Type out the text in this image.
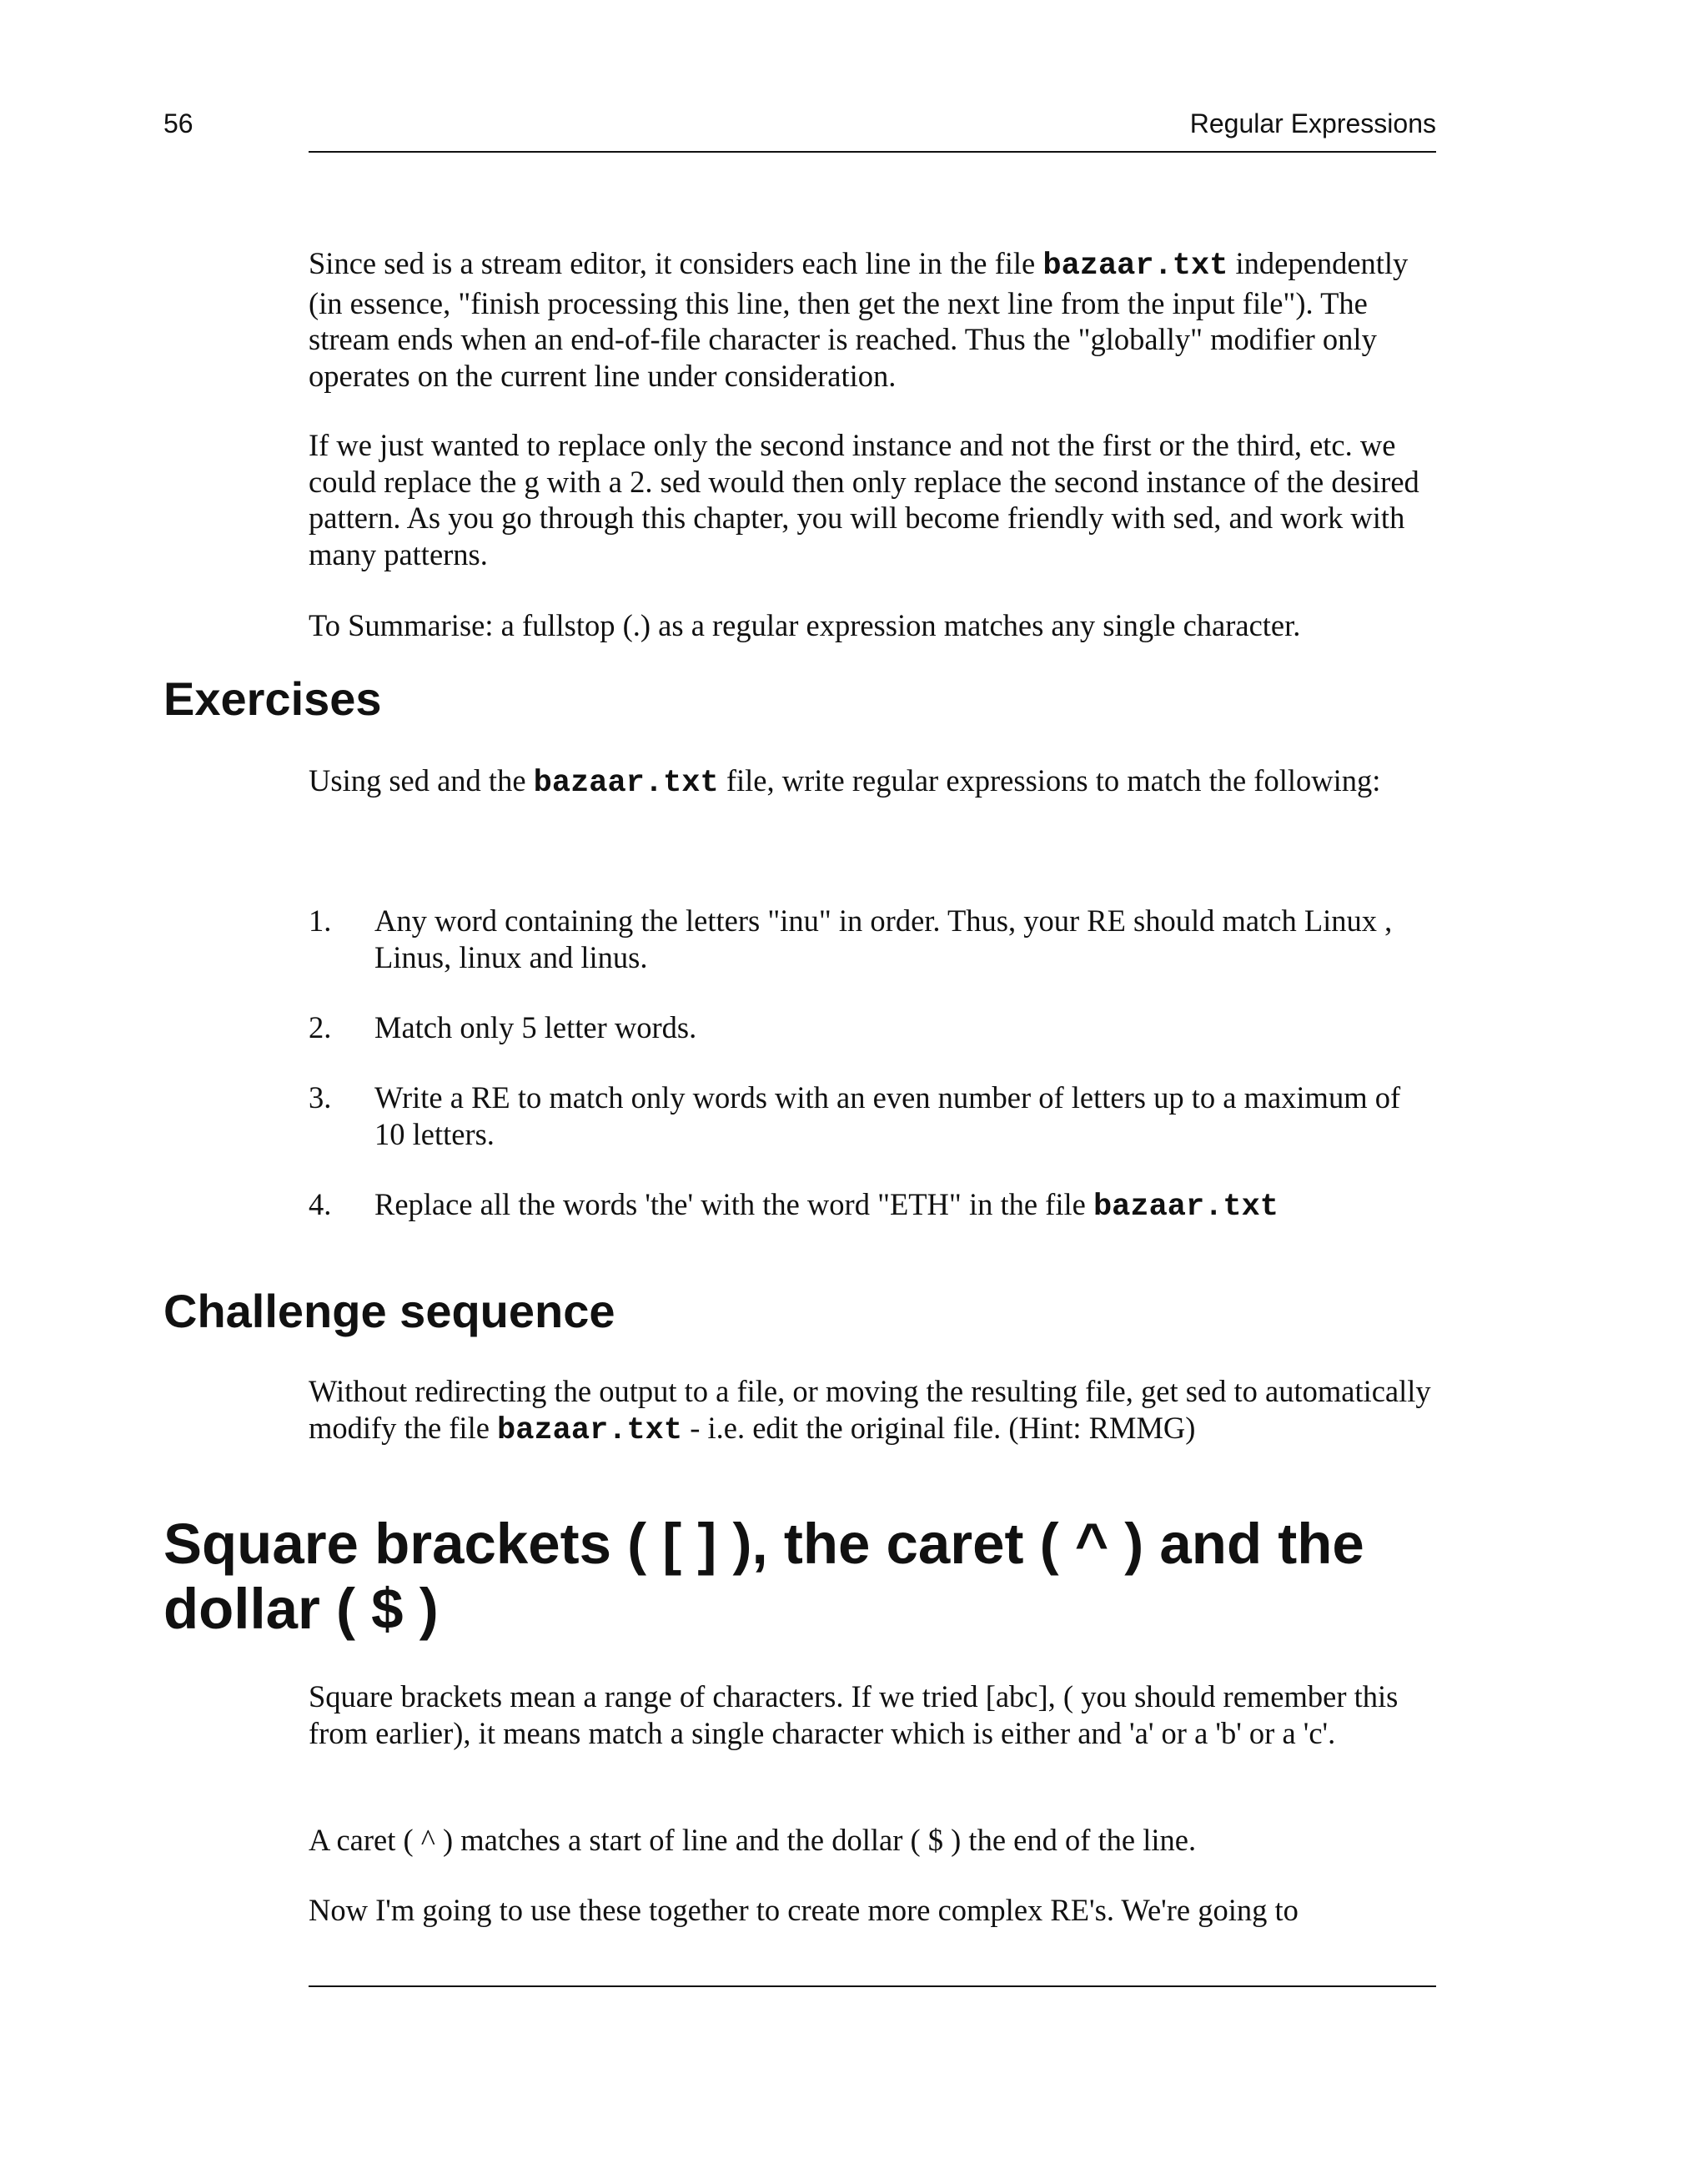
56	Regular Expressions

Since sed is a stream editor, it considers each line in the file bazaar.txt independently (in essence, "finish processing this line, then get the next line from the input file"). The stream ends when an end-of-file character is reached. Thus the "globally" modifier only operates on the current line under consideration.

If we just wanted to replace only the second instance and not the first or the third, etc. we could replace the g with a 2. sed would then only replace the second instance of the desired pattern. As you go through this chapter, you will become friendly with sed, and work with many patterns.

To Summarise: a fullstop (.) as a regular expression matches any single character.

Exercises

Using sed and the bazaar.txt file, write regular expressions to match the following:

1. Any word containing the letters "inu" in order. Thus, your RE should match Linux , Linus, linux and linus.
2. Match only 5 letter words.
3. Write a RE to match only words with an even number of letters up to a maximum of 10 letters.
4. Replace all the words 'the' with the word "ETH" in the file bazaar.txt
Challenge sequence

Without redirecting the output to a file, or moving the resulting file, get sed to automatically modify the file bazaar.txt - i.e. edit the original file. (Hint: RMMG)

Square brackets ( [ ] ), the caret ( ^ ) and the dollar ( $ )

Square brackets mean a range of characters. If we tried [abc], ( you should remember this from earlier), it means match a single character which is either and 'a' or a 'b' or a 'c'.

A caret ( ^ ) matches a start of line and the dollar ( $ ) the end of the line.

Now I'm going to use these together to create more complex RE's. We're going to
